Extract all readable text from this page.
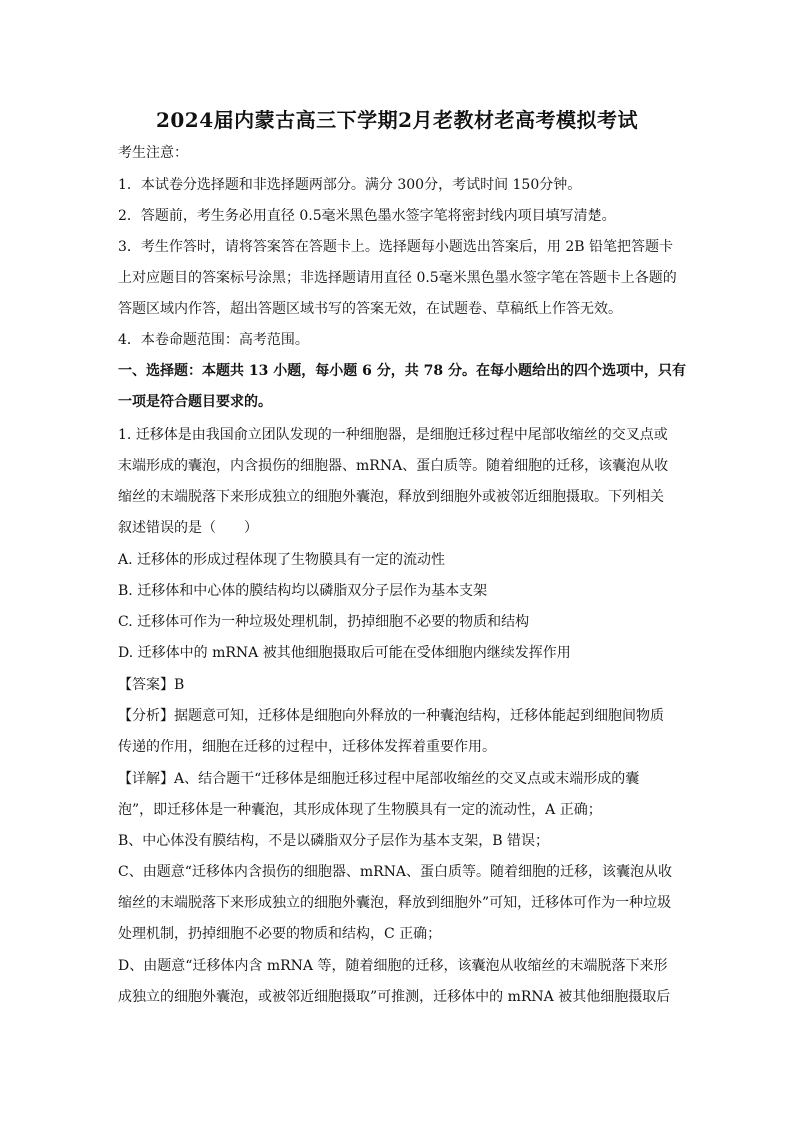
2024届内蒙古高三下学期2月老教材老高考模拟考试
考生注意：
1．本试卷分选择题和非选择题两部分。满分 300分，考试时间 150分钟。
2．答题前，考生务必用直径 0.5毫米黑色墨水签字笔将密封线内项目填写清楚。
3．考生作答时，请将答案答在答题卡上。选择题每小题选出答案后，用 2B 铅笔把答题卡
上对应题目的答案标号涂黑；非选择题请用直径 0.5毫米黑色墨水签字笔在答题卡上各题的
答题区域内作答，超出答题区域书写的答案无效，在试题卷、草稿纸上作答无效。
4．本卷命题范围：高考范围。
一、选择题：本题共 13 小题，每小题 6 分，共 78 分。在每小题给出的四个选项中，只有
一项是符合题目要求的。
1. 迁移体是由我国俞立团队发现的一种细胞器，是细胞迁移过程中尾部收缩丝的交叉点或
末端形成的囊泡，内含损伤的细胞器、mRNA、蛋白质等。随着细胞的迁移，该囊泡从收
缩丝的末端脱落下来形成独立的细胞外囊泡，释放到细胞外或被邻近细胞摄取。下列相关
叙述错误的是（　　）
A. 迁移体的形成过程体现了生物膜具有一定的流动性
B. 迁移体和中心体的膜结构均以磷脂双分子层作为基本支架
C. 迁移体可作为一种垃圾处理机制，扔掉细胞不必要的物质和结构
D. 迁移体中的 mRNA 被其他细胞摄取后可能在受体细胞内继续发挥作用
【答案】B
【分析】据题意可知，迁移体是细胞向外释放的一种囊泡结构，迁移体能起到细胞间物质
传递的作用，细胞在迁移的过程中，迁移体发挥着重要作用。
【详解】A、结合题干“迁移体是细胞迁移过程中尾部收缩丝的交叉点或末端形成的囊
泡”，即迁移体是一种囊泡，其形成体现了生物膜具有一定的流动性，A 正确；
B、中心体没有膜结构，不是以磷脂双分子层作为基本支架，B 错误；
C、由题意“迁移体内含损伤的细胞器、mRNA、蛋白质等。随着细胞的迁移，该囊泡从收
缩丝的末端脱落下来形成独立的细胞外囊泡，释放到细胞外”可知，迁移体可作为一种垃圾
处理机制，扔掉细胞不必要的物质和结构，C 正确；
D、由题意“迁移体内含 mRNA 等，随着细胞的迁移，该囊泡从收缩丝的末端脱落下来形
成独立的细胞外囊泡，或被邻近细胞摄取”可推测，迁移体中的 mRNA 被其他细胞摄取后
